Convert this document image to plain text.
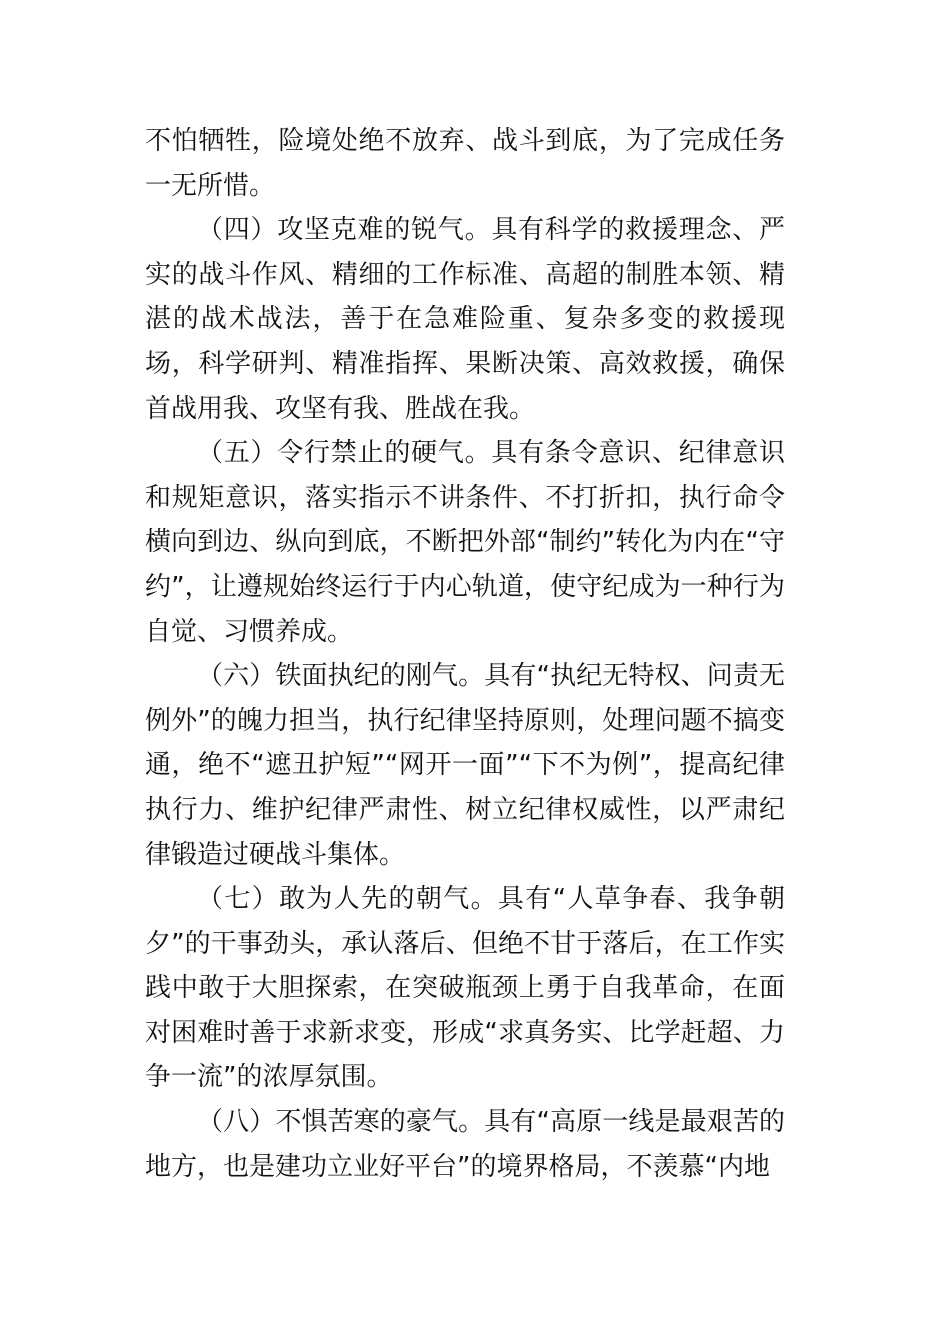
不怕牺牲，险境处绝不放弃、战斗到底，为了完成任务一无所惜。

（四）攻坚克难的锐气。具有科学的救援理念、严实的战斗作风、精细的工作标准、高超的制胜本领、精湛的战术战法，善于在急难险重、复杂多变的救援现场，科学研判、精准指挥、果断决策、高效救援，确保首战用我、攻坚有我、胜战在我。

（五）令行禁止的硬气。具有条令意识、纪律意识和规矩意识，落实指示不讲条件、不打折扣，执行命令横向到边、纵向到底，不断把外部“制约”转化为内在“守约”，让遵规始终运行于内心轨道，使守纪成为一种行为自觉、习惯养成。

（六）铁面执纪的刚气。具有“执纪无特权、问责无例外”的魄力担当，执行纪律坚持原则，处理问题不搞变通，绝不“遮丑护短”“网开一面”“下不为例”，提高纪律执行力、维护纪律严肃性、树立纪律权威性，以严肃纪律锻造过硬战斗集体。

（七）敢为人先的朝气。具有“人草争春、我争朝夕”的干事劲头，承认落后、但绝不甘于落后，在工作实践中敢于大胆探索，在突破瓶颈上勇于自我革命，在面对困难时善于求新求变，形成“求真务实、比学赶超、力争一流”的浓厚氛围。

（八）不惧苦寒的豪气。具有“高原一线是最艰苦的地方，也是建功立业好平台”的境界格局，不羡慕“内地
